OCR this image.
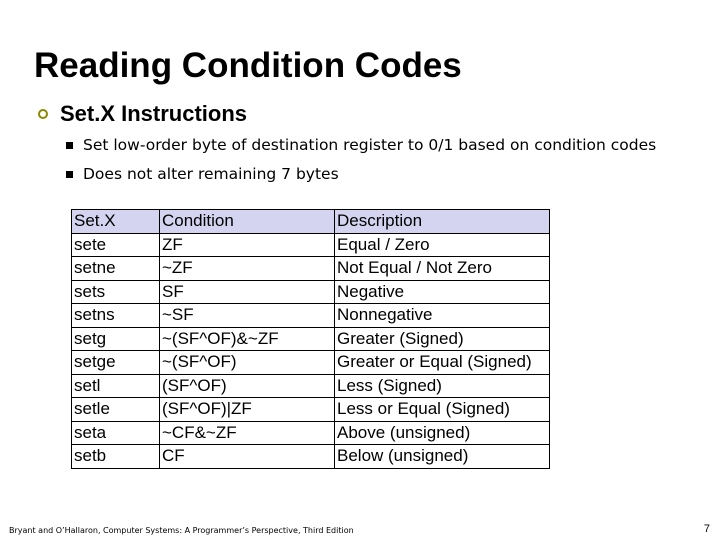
Reading Condition Codes
Set.X Instructions
Set low-order byte of destination register to 0/1 based on condition codes
Does not alter remaining 7 bytes
Set.X	Condition	Description
sete	ZF	Equal / Zero
setne	~ZF	Not Equal / Not Zero
sets	SF	Negative
setns	~SF	Nonnegative
setg	~(SF^OF)&~ZF	Greater (Signed)
setge	~(SF^OF)	Greater or Equal (Signed)
setl	(SF^OF)	Less (Signed)
setle	(SF^OF)|ZF	Less or Equal (Signed)
seta	~CF&~ZF	Above (unsigned)
setb	CF	Below (unsigned)
Bryant and O’Hallaron, Computer Systems: A Programmer’s Perspective, Third Edition	7
